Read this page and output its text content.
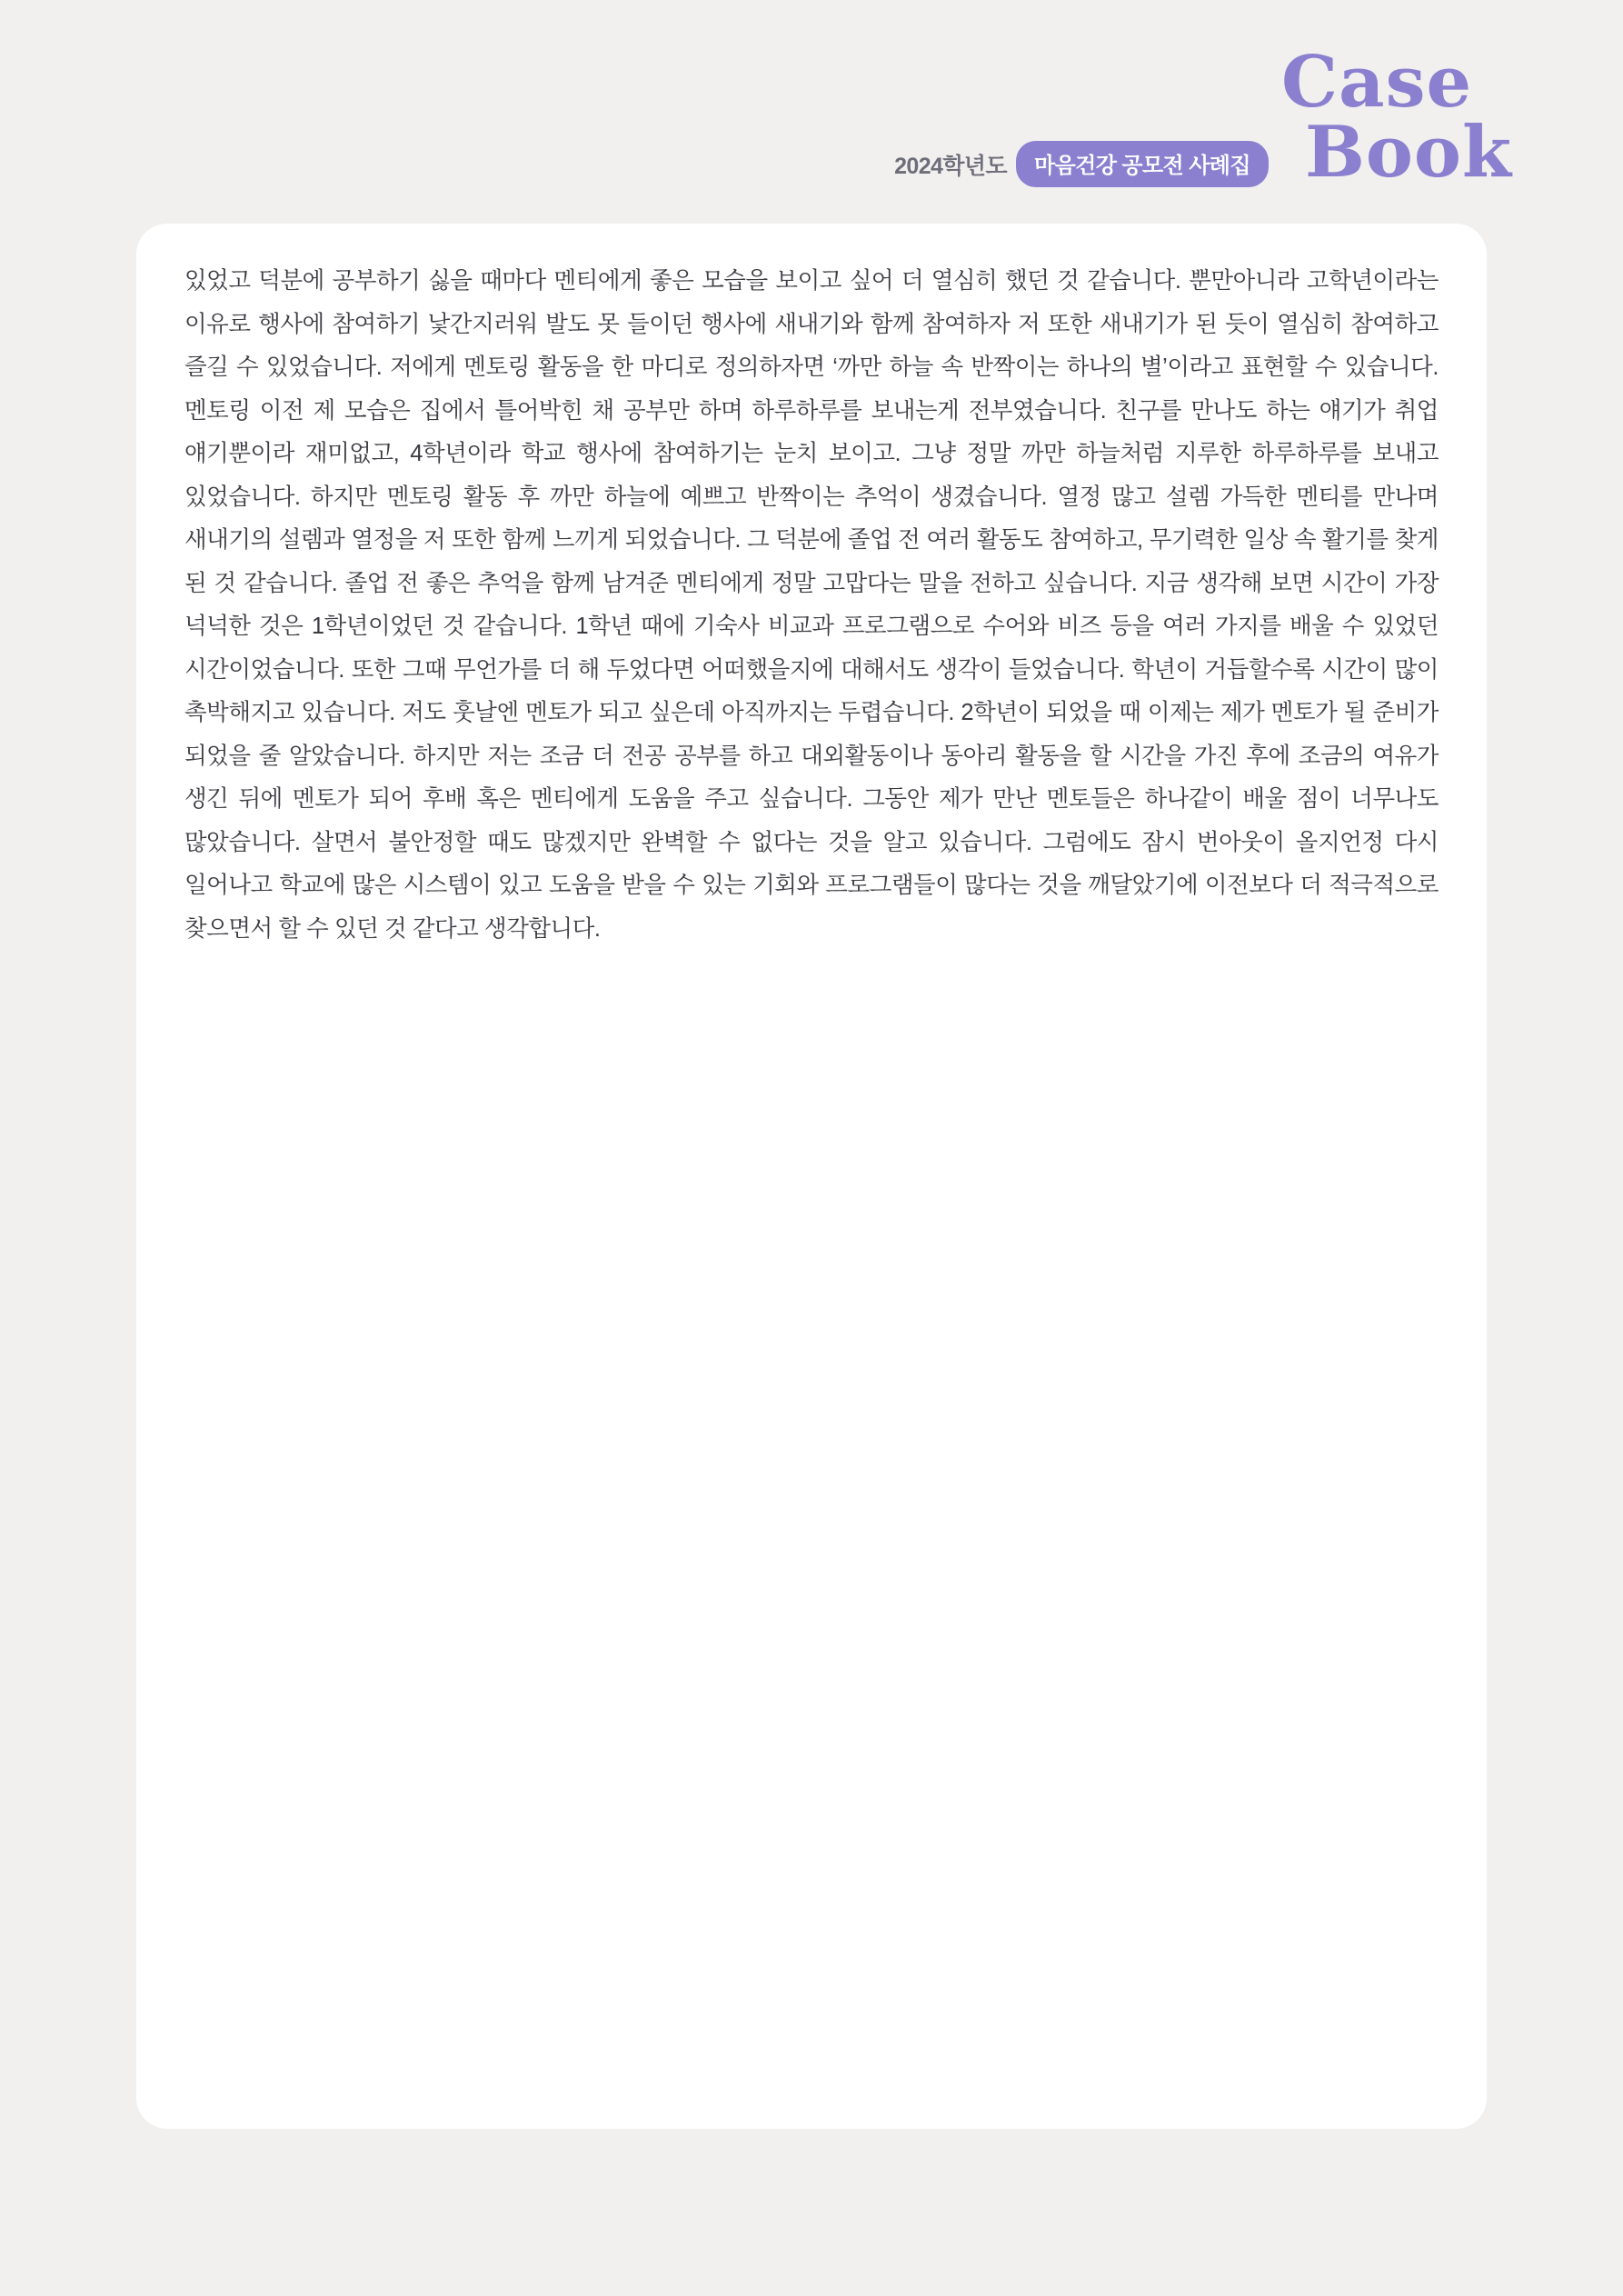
2024학년도	마음건강 공모전 사례집
Case
Book
있었고 덕분에 공부하기 싫을 때마다 멘티에게 좋은 모습을 보이고 싶어 더 열심히 했던 것 같습니다. 뿐만아니라 고학년이라는 이유로 행사에 참여하기 낯간지러워 발도 못 들이던 행사에 새내기와 함께 참여하자 저 또한 새내기가 된 듯이 열심히 참여하고 즐길 수 있었습니다. 저에게 멘토링 활동을 한 마디로 정의하자면 ‘까만 하늘 속 반짝이는 하나의 별’이라고 표현할 수 있습니다. 멘토링 이전 제 모습은 집에서 틀어박힌 채 공부만 하며 하루하루를 보내는게 전부였습니다. 친구를 만나도 하는 얘기가 취업 얘기뿐이라 재미없고, 4학년이라 학교 행사에 참여하기는 눈치 보이고. 그냥 정말 까만 하늘처럼 지루한 하루하루를 보내고 있었습니다. 하지만 멘토링 활동 후 까만 하늘에 예쁘고 반짝이는 추억이 생겼습니다. 열정 많고 설렘 가득한 멘티를 만나며 새내기의 설렘과 열정을 저 또한 함께 느끼게 되었습니다. 그 덕분에 졸업 전 여러 활동도 참여하고, 무기력한 일상 속 활기를 찾게 된 것 같습니다. 졸업 전 좋은 추억을 함께 남겨준 멘티에게 정말 고맙다는 말을 전하고 싶습니다. 지금 생각해 보면 시간이 가장 넉넉한 것은 1학년이었던 것 같습니다. 1학년 때에 기숙사 비교과 프로그램으로 수어와 비즈 등을 여러 가지를 배울 수 있었던 시간이었습니다. 또한 그때 무언가를 더 해 두었다면 어떠했을지에 대해서도 생각이 들었습니다. 학년이 거듭할수록 시간이 많이 촉박해지고 있습니다. 저도 훗날엔 멘토가 되고 싶은데 아직까지는 두렵습니다. 2학년이 되었을 때 이제는 제가 멘토가 될 준비가 되었을 줄 알았습니다. 하지만 저는 조금 더 전공 공부를 하고 대외활동이나 동아리 활동을 할 시간을 가진 후에 조금의 여유가 생긴 뒤에 멘토가 되어 후배 혹은 멘티에게 도움을 주고 싶습니다. 그동안 제가 만난 멘토들은 하나같이 배울 점이 너무나도 많았습니다. 살면서 불안정할 때도 많겠지만 완벽할 수 없다는 것을 알고 있습니다. 그럼에도 잠시 번아웃이 올지언정 다시 일어나고 학교에 많은 시스템이 있고 도움을 받을 수 있는 기회와 프로그램들이 많다는 것을 깨달았기에 이전보다 더 적극적으로 찾으면서 할 수 있던 것 같다고 생각합니다.
